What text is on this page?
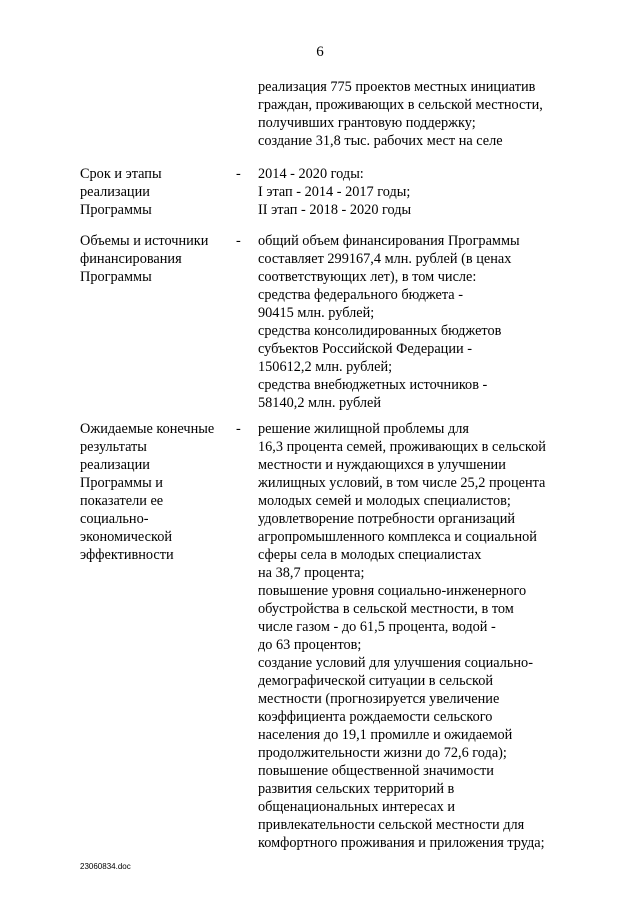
6
реализация 775 проектов местных инициатив
граждан, проживающих в сельской местности,
получивших грантовую поддержку;
создание 31,8 тыс. рабочих мест на селе
Срок и этапы
реализации
Программы
- 2014 - 2020 годы:
I этап - 2014 - 2017 годы;
II этап - 2018 - 2020 годы
Объемы и источники
финансирования
Программы
- общий объем финансирования Программы
составляет 299167,4 млн. рублей (в ценах
соответствующих лет), в том числе:
средства федерального бюджета -
90415 млн. рублей;
средства консолидированных бюджетов
субъектов Российской Федерации -
150612,2 млн. рублей;
средства внебюджетных источников -
58140,2 млн. рублей
Ожидаемые конечные
результаты
реализации
Программы и
показатели ее
социально-
экономической
эффективности
- решение жилищной проблемы для
16,3 процента семей, проживающих в сельской
местности и нуждающихся в улучшении
жилищных условий, в том числе 25,2 процента
молодых семей и молодых специалистов;
удовлетворение потребности организаций
агропромышленного комплекса и социальной
сферы села в молодых специалистах
на 38,7 процента;
повышение уровня социально-инженерного
обустройства в сельской местности, в том
числе газом - до 61,5 процента, водой -
до 63 процентов;
создание условий для улучшения социально-
демографической ситуации в сельской
местности (прогнозируется увеличение
коэффициента рождаемости сельского
населения до 19,1 промилле и ожидаемой
продолжительности жизни до 72,6 года);
повышение общественной значимости
развития сельских территорий в
общенациональных интересах и
привлекательности сельской местности для
комфортного проживания и приложения труда;
23060834.doc
